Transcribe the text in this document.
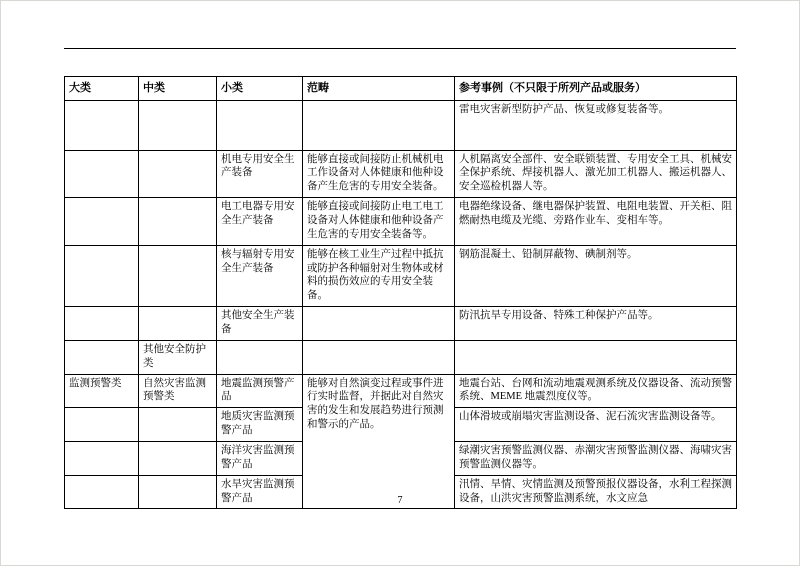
大类	中类	小类	范畴	参考事例（不只限于所列产品或服务）
				雷电灾害新型防护产品、恢复或修复装备等。
		机电专用安全生产装备	能够直接或间接防止机械机电工作设备对人体健康和他种设备产生危害的专用安全装备。	人机隔离安全部件、安全联锁装置、专用安全工具、机械安全保护系统、焊接机器人、激光加工机器人、搬运机器人、安全巡检机器人等。
		电工电器专用安全生产装备	能够直接或间接防止电工电工设备对人体健康和他种设备产生危害的专用安全装备等。	电器绝缘设备、继电器保护装置、电阻电装置、开关柜、阻燃耐热电缆及光缆、旁路作业车、变相车等。
		核与辐射专用安全生产装备	能够在核工业生产过程中抵抗或防护各种辐射对生物体或材料的损伤效应的专用安全装备。	钢筋混凝土、铅制屏蔽物、碘制剂等。
		其他安全生产装备		防汛抗旱专用设备、特殊工种保护产品等。
	其他安全防护类			
监测预警类	自然灾害监测预警类	地震监测预警产品	能够对自然演变过程或事件进行实时监督，并据此对自然灾害的发生和发展趋势进行预测和警示的产品。	地震台站、台网和流动地震观测系统及仪器设备、流动预警系统、MEME 地震烈度仪等。
		地质灾害监测预警产品		山体滑坡或崩塌灾害监测设备、泥石流灾害监测设备等。
		海洋灾害监测预警产品		绿潮灾害预警监测仪器、赤潮灾害预警监测仪器、海啸灾害预警监测仪器等。
		水旱灾害监测预警产品		汛情、旱情、灾情监测及预警预报仪器设备，水利工程探测设备，山洪灾害预警监测系统，水文应急
7
